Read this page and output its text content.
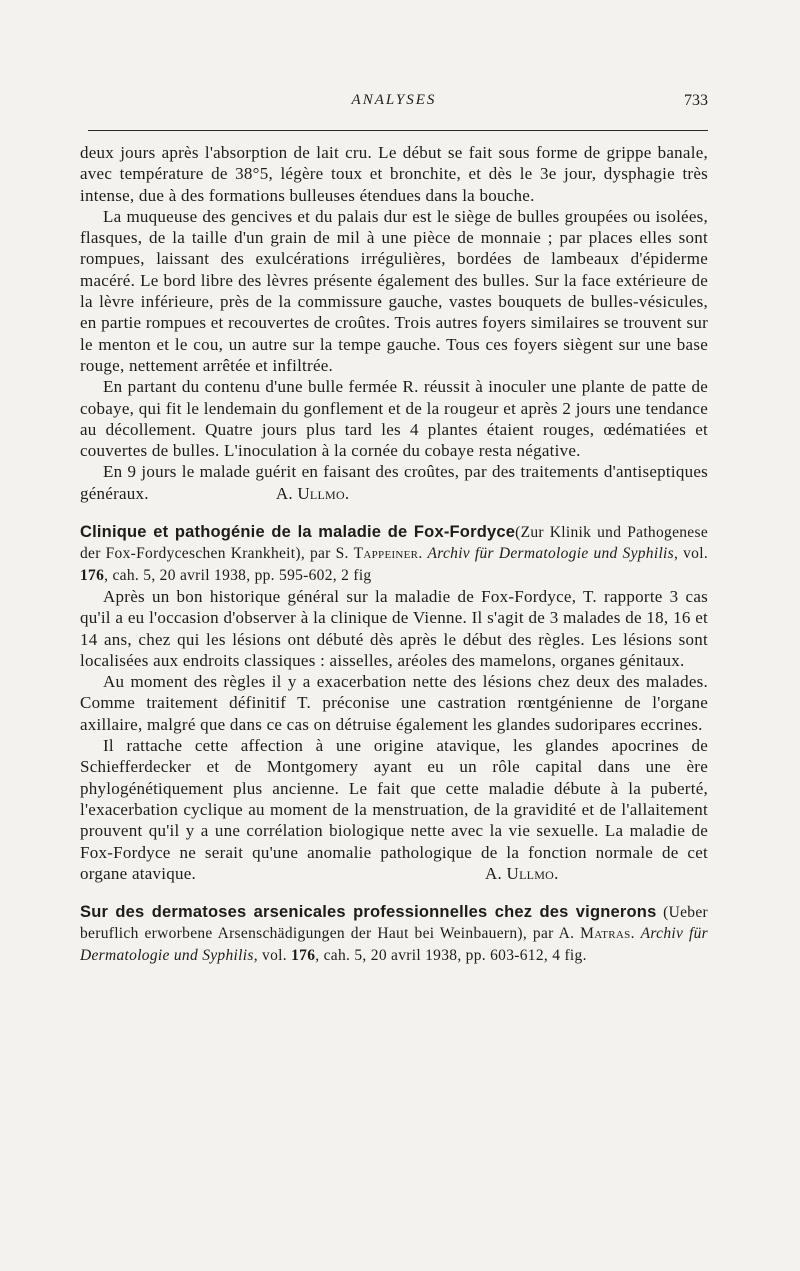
ANALYSES	733

deux jours après l'absorption de lait cru. Le début se fait sous forme de grippe banale, avec température de 38°5, légère toux et bronchite, et dès le 3e jour, dysphagie très intense, due à des formations bulleuses étendues dans la bouche.

La muqueuse des gencives et du palais dur est le siège de bulles groupées ou isolées, flasques, de la taille d'un grain de mil à une pièce de monnaie ; par places elles sont rompues, laissant des exulcérations irrégulières, bordées de lambeaux d'épiderme macéré. Le bord libre des lèvres présente également des bulles. Sur la face extérieure de la lèvre inférieure, près de la commissure gauche, vastes bouquets de bulles-vésicules, en partie rompues et recouvertes de croûtes. Trois autres foyers similaires se trouvent sur le menton et le cou, un autre sur la tempe gauche. Tous ces foyers siègent sur une base rouge, nettement arrêtée et infiltrée.

En partant du contenu d'une bulle fermée R. réussit à inoculer une plante de patte de cobaye, qui fit le lendemain du gonflement et de la rougeur et après 2 jours une tendance au décollement. Quatre jours plus tard les 4 plantes étaient rouges, œdématiées et couvertes de bulles. L'inoculation à la cornée du cobaye resta négative.

En 9 jours le malade guérit en faisant des croûtes, par des traitements d'antiseptiques généraux.	A. Ullmo.

Clinique et pathogénie de la maladie de Fox-Fordyce(Zur Klinik und Pathogenese der Fox-Fordyceschen Krankheit), par S. Tappeiner. Archiv für Dermatologie und Syphilis, vol. 176, cah. 5, 20 avril 1938, pp. 595-602, 2 fig

Après un bon historique général sur la maladie de Fox-Fordyce, T. rapporte 3 cas qu'il a eu l'occasion d'observer à la clinique de Vienne. Il s'agit de 3 malades de 18, 16 et 14 ans, chez qui les lésions ont débuté dès après le début des règles. Les lésions sont localisées aux endroits classiques : aisselles, aréoles des mamelons, organes génitaux.

Au moment des règles il y a exacerbation nette des lésions chez deux des malades. Comme traitement définitif T. préconise une castration rœntgénienne de l'organe axillaire, malgré que dans ce cas on détruise également les glandes sudoripares eccrines.

Il rattache cette affection à une origine atavique, les glandes apocrines de Schiefferdecker et de Montgomery ayant eu un rôle capital dans une ère phylogénétiquement plus ancienne. Le fait que cette maladie débute à la puberté, l'exacerbation cyclique au moment de la menstruation, de la gravidité et de l'allaitement prouvent qu'il y a une corrélation biologique nette avec la vie sexuelle. La maladie de Fox-Fordyce ne serait qu'une anomalie pathologique de la fonction normale de cet organe atavique.	A. Ullmo.

Sur des dermatoses arsenicales professionnelles chez des vignerons (Ueber beruflich erworbene Arsenschädigungen der Haut bei Weinbauern), par A. Matras. Archiv für Dermatologie und Syphilis, vol. 176, cah. 5, 20 avril 1938, pp. 603-612, 4 fig.
